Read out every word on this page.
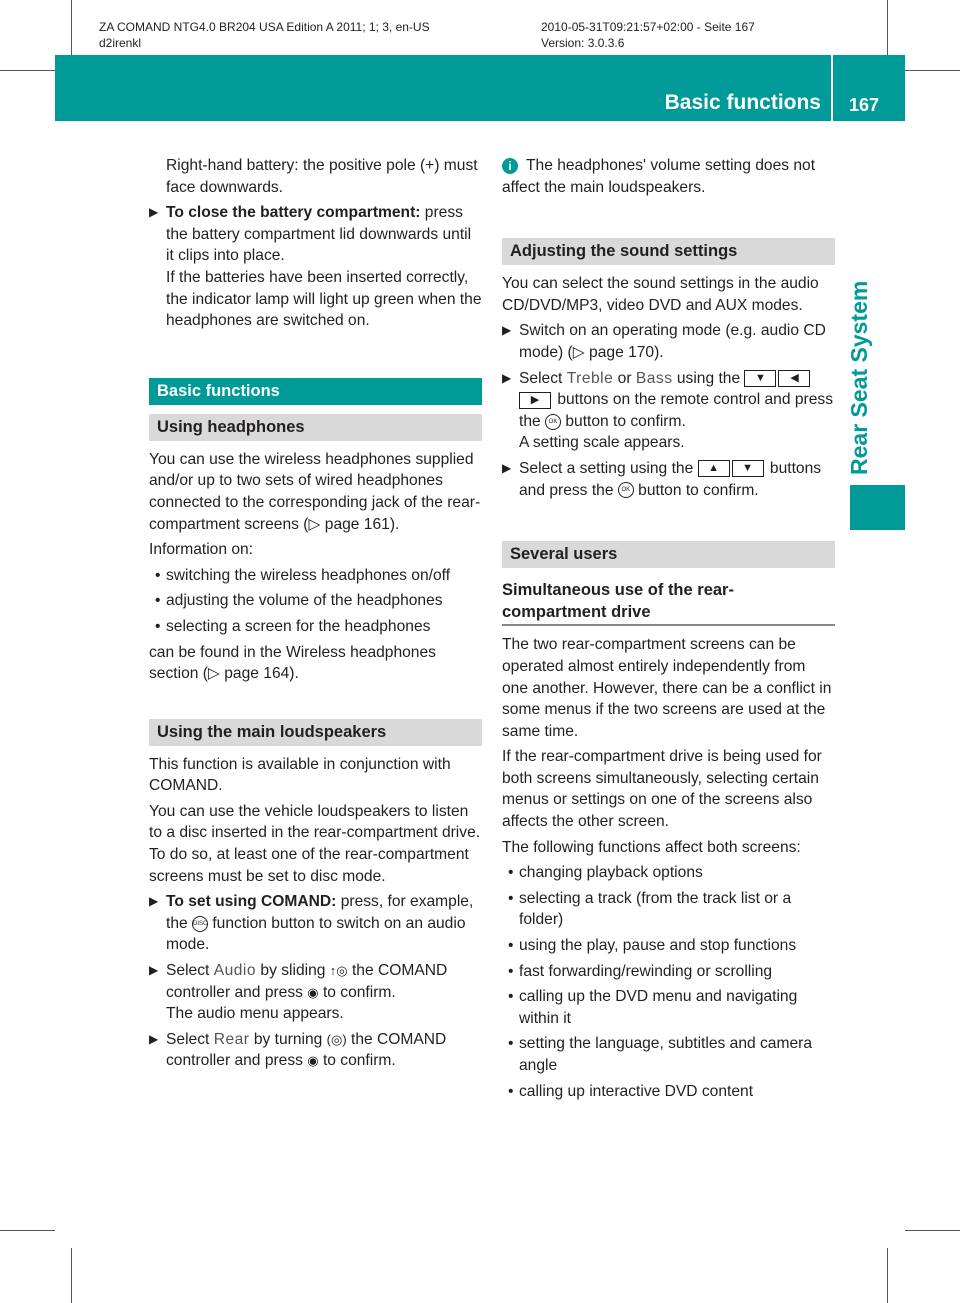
ZA COMAND NTG4.0 BR204 USA Edition A 2011; 1; 3, en-US
d2irenkl
2010-05-31T09:21:57+02:00 - Seite 167
Version: 3.0.3.6
Basic functions 167
Rear Seat System

Right-hand battery: the positive pole (+) must face downwards.

▶ To close the battery compartment: press the battery compartment lid downwards until it clips into place.
If the batteries have been inserted correctly, the indicator lamp will light up green when the headphones are switched on.
Basic functions
Using headphones

You can use the wireless headphones supplied and/or up to two sets of wired headphones connected to the corresponding jack of the rear-compartment screens (▷ page 161).

Information on:

• switching the wireless headphones on/off
• adjusting the volume of the headphones
• selecting a screen for the headphones

can be found in the Wireless headphones section (▷ page 164).

Using the main loudspeakers

This function is available in conjunction with COMAND.

You can use the vehicle loudspeakers to listen to a disc inserted in the rear-compartment drive. To do so, at least one of the rear-compartment screens must be set to disc mode.

▶ To set using COMAND: press, for example, the DISC function button to switch on an audio mode.
▶ Select Audio by sliding ↑◎ the COMAND controller and press ◉ to confirm.
The audio menu appears.
▶ Select Rear by turning (◎) the COMAND controller and press ◉ to confirm.

i The headphones' volume setting does not affect the main loudspeakers.

Adjusting the sound settings

You can select the sound settings in the audio CD/DVD/MP3, video DVD and AUX modes.

▶ Switch on an operating mode (e.g. audio CD mode) (▷ page 170).
▶ Select Treble or Bass using the ▼ ◀▶ buttons on the remote control and press the OK button to confirm.
A setting scale appears.
▶ Select a setting using the ▲ ▼ buttons and press the OK button to confirm.
Several users
Simultaneous use of the rear-compartment drive

The two rear-compartment screens can be operated almost entirely independently from one another. However, there can be a conflict in some menus if the two screens are used at the same time.

If the rear-compartment drive is being used for both screens simultaneously, selecting certain menus or settings on one of the screens also affects the other screen.

The following functions affect both screens:

• changing playback options
• selecting a track (from the track list or a folder)
• using the play, pause and stop functions
• fast forwarding/rewinding or scrolling
• calling up the DVD menu and navigating within it
• setting the language, subtitles and camera angle
• calling up interactive DVD content
